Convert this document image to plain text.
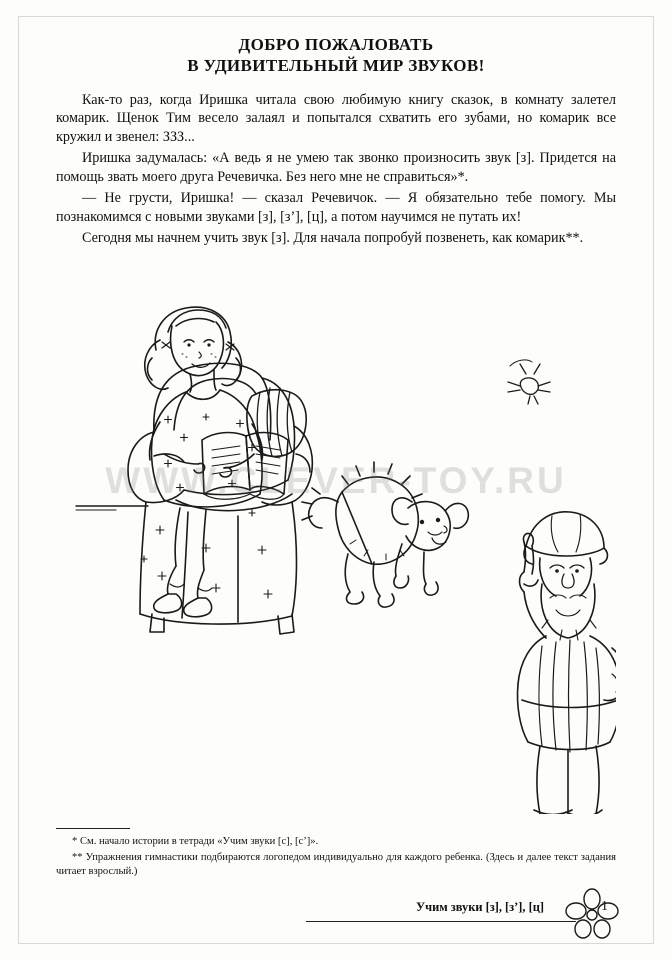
ДОБРО ПОЖАЛОВАТЬ
В УДИВИТЕЛЬНЫЙ МИР ЗВУКОВ!

Как-то раз, когда Иришка читала свою любимую книгу сказок, в комнату залетел комарик. Щенок Тим весело залаял и попытался схватить его зубами, но комарик все кружил и звенел: ЗЗЗ...

Иришка задумалась: «А ведь я не умею так звонко произносить звук [з]. Придется на помощь звать моего друга Речевичка. Без него мне не справиться»*.

— Не грусти, Иришка! — сказал Речевичок. — Я обязательно тебе помогу. Мы познакомимся с новыми звуками [з], [з’], [ц], а потом научимся не путать их!

Сегодня мы начнем учить звук [з]. Для начала попробуй позвенеть, как комарик**.

WWW.CLEVER-TOY.RU

* См. начало истории в тетради «Учим звуки [с], [с’]».

** Упражнения гимнастики подбираются логопедом индивидуально для каждого ребенка. (Здесь и далее текст задания читает взрослый.)

Учим звуки [з], [з’], [ц]	1
